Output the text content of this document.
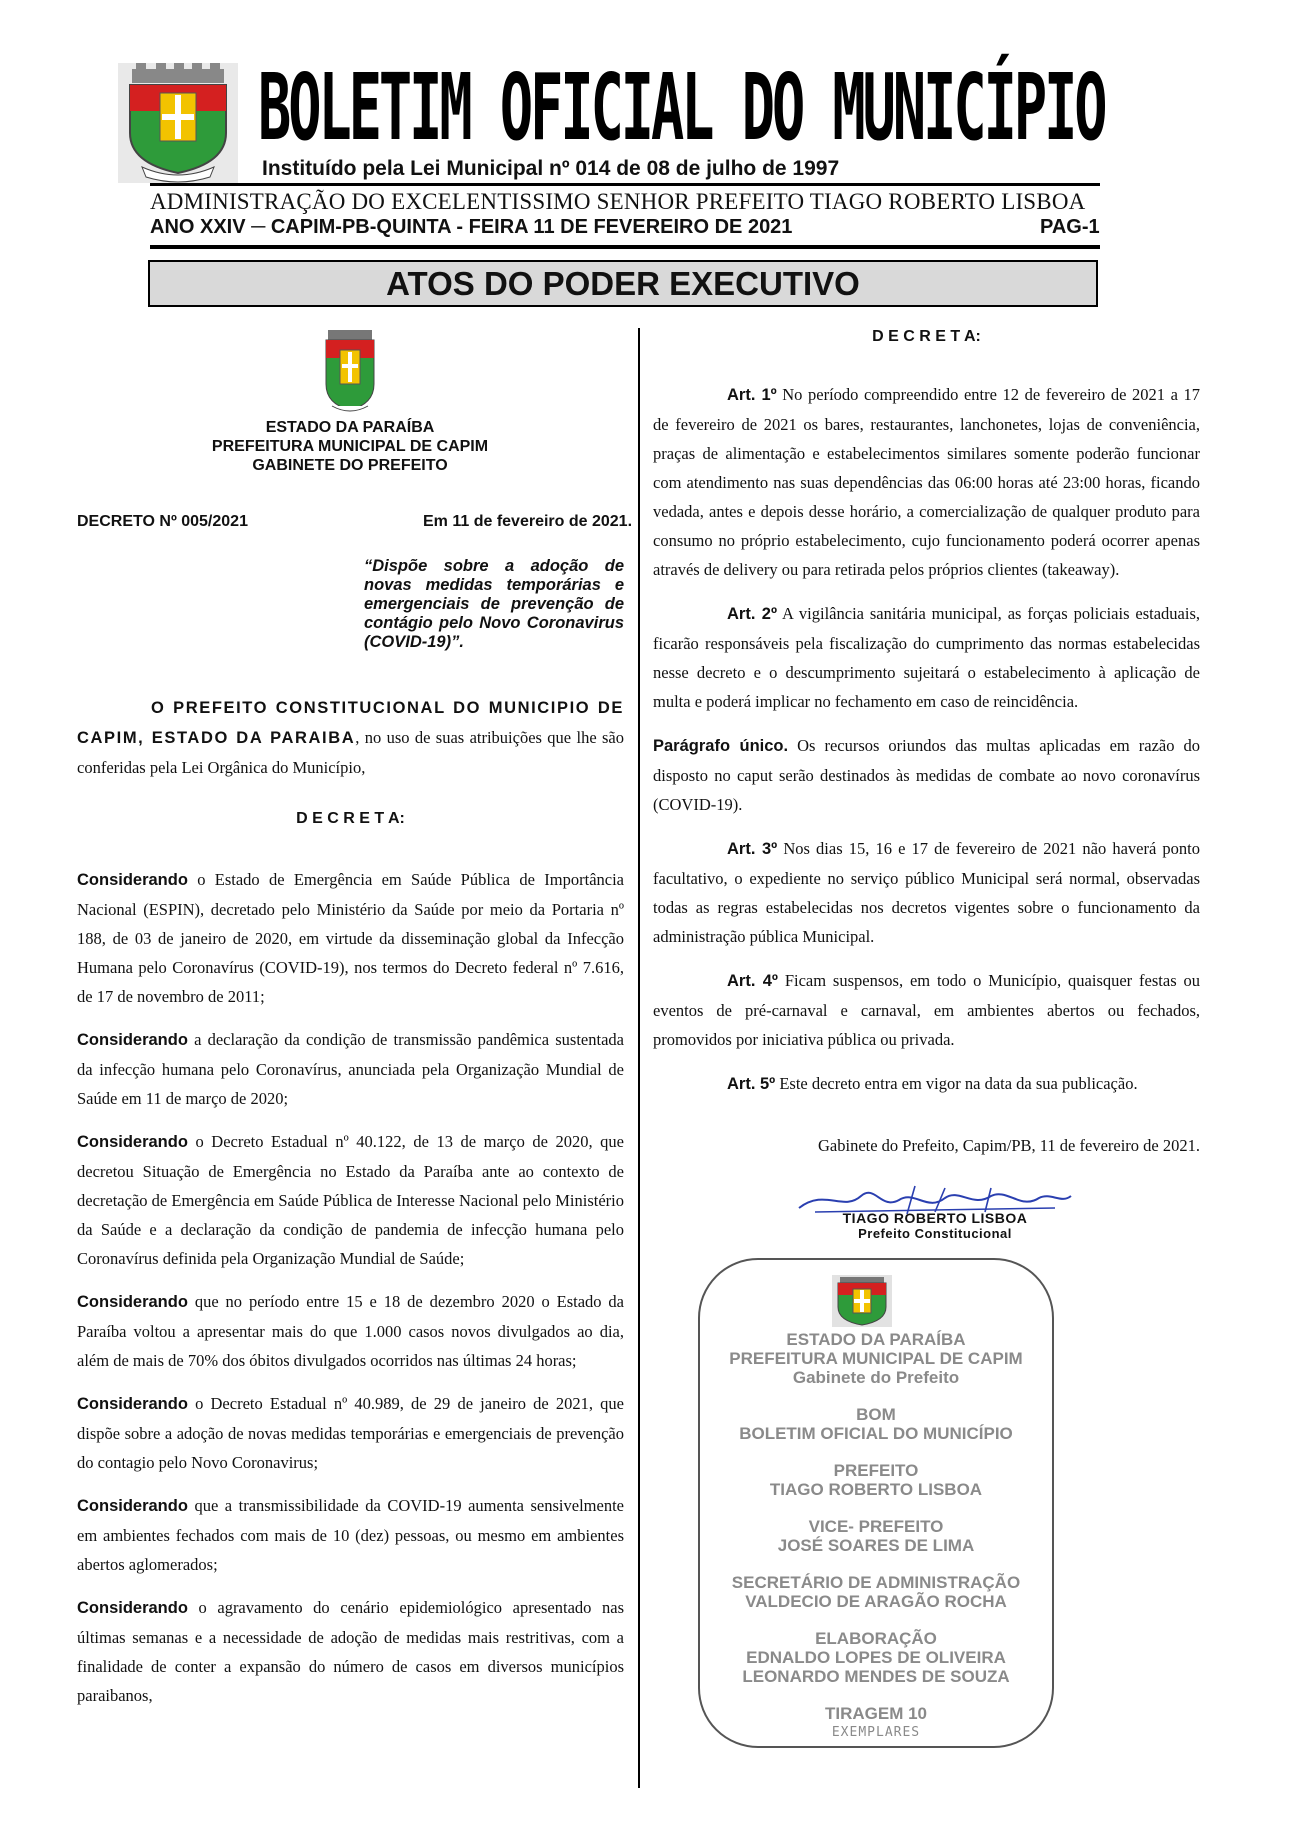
BOLETIM OFICIAL DO MUNICÍPIO
Instituído pela Lei Municipal nº 014 de 08 de julho de 1997
ADMINISTRAÇÃO DO EXCELENTISSIMO SENHOR PREFEITO TIAGO ROBERTO LISBOA
ANO XXIV ─ CAPIM-PB-QUINTA - FEIRA 11 DE FEVEREIRO DE 2021	PAG-1
ATOS DO PODER EXECUTIVO
ESTADO DA PARAÍBA
PREFEITURA MUNICIPAL DE CAPIM
GABINETE DO PREFEITO
DECRETO Nº 005/2021	Em 11 de fevereiro de 2021.
“Dispõe sobre a adoção de novas medidas temporárias e emergenciais de prevenção de contágio pelo Novo Coronavirus (COVID-19)”.
O PREFEITO CONSTITUCIONAL DO MUNICIPIO DE CAPIM, ESTADO DA PARAIBA, no uso de suas atribuições que lhe são conferidas pela Lei Orgânica do Município,
D E C R E T A:

Considerando o Estado de Emergência em Saúde Pública de Importância Nacional (ESPIN), decretado pelo Ministério da Saúde por meio da Portaria nº 188, de 03 de janeiro de 2020, em virtude da disseminação global da Infecção Humana pelo Coronavírus (COVID-19), nos termos do Decreto federal nº 7.616, de 17 de novembro de 2011;

Considerando a declaração da condição de transmissão pandêmica sustentada da infecção humana pelo Coronavírus, anunciada pela Organização Mundial de Saúde em 11 de março de 2020;

Considerando o Decreto Estadual nº 40.122, de 13 de março de 2020, que decretou Situação de Emergência no Estado da Paraíba ante ao contexto de decretação de Emergência em Saúde Pública de Interesse Nacional pelo Ministério da Saúde e a declaração da condição de pandemia de infecção humana pelo Coronavírus definida pela Organização Mundial de Saúde;

Considerando que no período entre 15 e 18 de dezembro 2020 o Estado da Paraíba voltou a apresentar mais do que 1.000 casos novos divulgados ao dia, além de mais de 70% dos óbitos divulgados ocorridos nas últimas 24 horas;

Considerando o Decreto Estadual nº 40.989, de 29 de janeiro de 2021, que dispõe sobre a adoção de novas medidas temporárias e emergenciais de prevenção do contagio pelo Novo Coronavirus;

Considerando que a transmissibilidade da COVID-19 aumenta sensivelmente em ambientes fechados com mais de 10 (dez) pessoas, ou mesmo em ambientes abertos aglomerados;

Considerando o agravamento do cenário epidemiológico apresentado nas últimas semanas e a necessidade de adoção de medidas mais restritivas, com a finalidade de conter a expansão do número de casos em diversos municípios paraibanos,

D E C R E T A:

Art. 1º No período compreendido entre 12 de fevereiro de 2021 a 17 de fevereiro de 2021 os bares, restaurantes, lanchonetes, lojas de conveniência, praças de alimentação e estabelecimentos similares somente poderão funcionar com atendimento nas suas dependências das 06:00 horas até 23:00 horas, ficando vedada, antes e depois desse horário, a comercialização de qualquer produto para consumo no próprio estabelecimento, cujo funcionamento poderá ocorrer apenas através de delivery ou para retirada pelos próprios clientes (takeaway).

Art. 2º A vigilância sanitária municipal, as forças policiais estaduais, ficarão responsáveis pela fiscalização do cumprimento das normas estabelecidas nesse decreto e o descumprimento sujeitará o estabelecimento à aplicação de multa e poderá implicar no fechamento em caso de reincidência.

Parágrafo único. Os recursos oriundos das multas aplicadas em razão do disposto no caput serão destinados às medidas de combate ao novo coronavírus (COVID-19).

Art. 3º Nos dias 15, 16 e 17 de fevereiro de 2021 não haverá ponto facultativo, o expediente no serviço público Municipal será normal, observadas todas as regras estabelecidas nos decretos vigentes sobre o funcionamento da administração pública Municipal.

Art. 4º Ficam suspensos, em todo o Município, quaisquer festas ou eventos de pré-carnaval e carnaval, em ambientes abertos ou fechados, promovidos por iniciativa pública ou privada.

Art. 5º Este decreto entra em vigor na data da sua publicação.

Gabinete do Prefeito, Capim/PB, 11 de fevereiro de 2021.
TIAGO ROBERTO LISBOA
Prefeito Constitucional
ESTADO DA PARAÍBA
PREFEITURA MUNICIPAL DE CAPIM
Gabinete do Prefeito
BOM
BOLETIM OFICIAL DO MUNICÍPIO
PREFEITO
TIAGO ROBERTO LISBOA
VICE- PREFEITO
JOSÉ SOARES DE LIMA
SECRETÁRIO DE ADMINISTRAÇÃO
VALDECIO DE ARAGÃO ROCHA
ELABORAÇÃO
EDNALDO LOPES DE OLIVEIRA
LEONARDO MENDES DE SOUZA
TIRAGEM 10
EXEMPLARES
